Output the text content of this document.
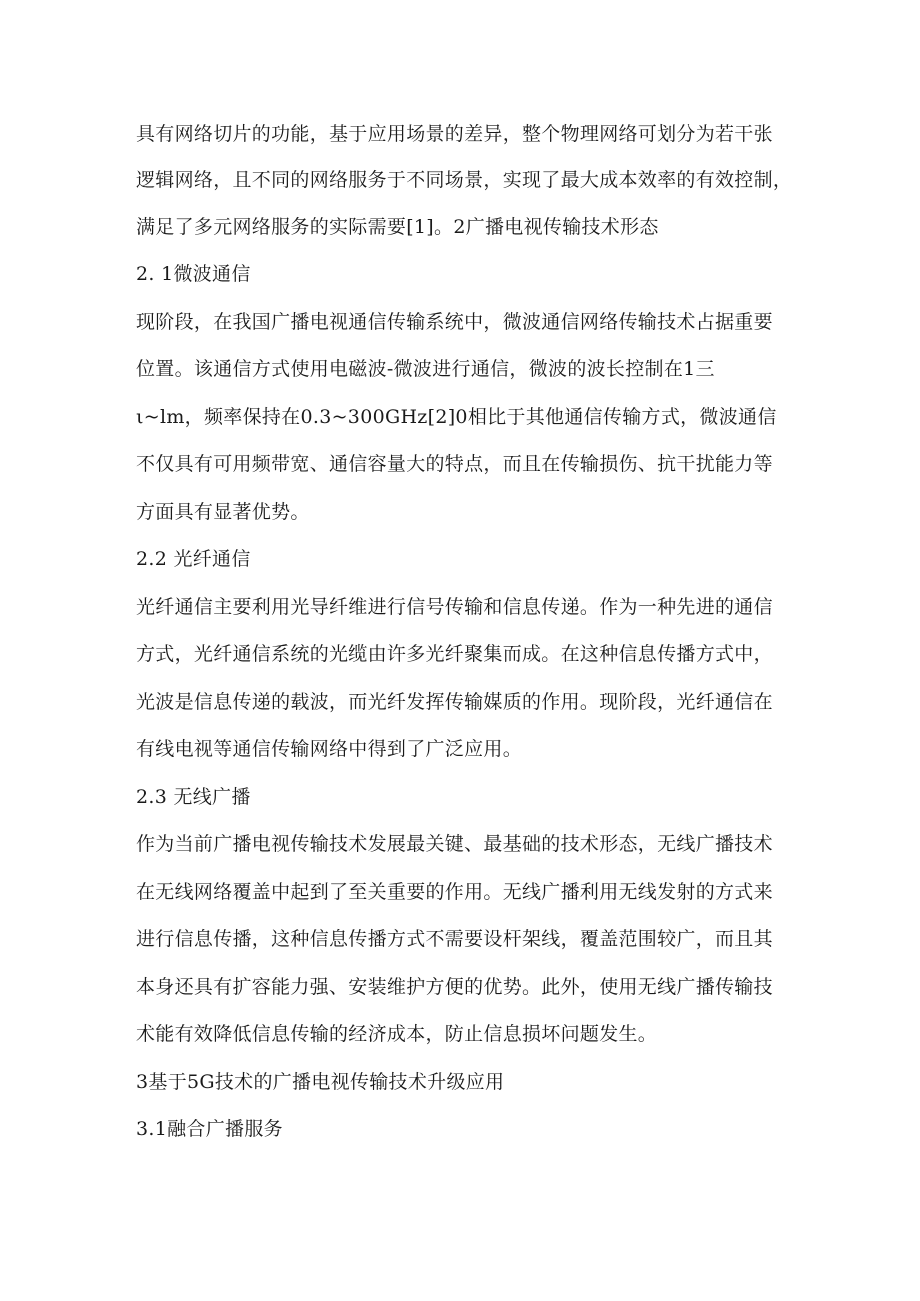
具有网络切片的功能，基于应用场景的差异，整个物理网络可划分为若干张
逻辑网络，且不同的网络服务于不同场景，实现了最大成本效率的有效控制，
满足了多元网络服务的实际需要[1]。2广播电视传输技术形态
2. 1微波通信
现阶段，在我国广播电视通信传输系统中，微波通信网络传输技术占据重要
位置。该通信方式使用电磁波-微波进行通信，微波的波长控制在1三
ι~lm，频率保持在0.3~300GHz[2]0相比于其他通信传输方式，微波通信
不仅具有可用频带宽、通信容量大的特点，而且在传输损伤、抗干扰能力等
方面具有显著优势。
2.2 光纤通信
光纤通信主要利用光导纤维进行信号传输和信息传递。作为一种先进的通信
方式，光纤通信系统的光缆由许多光纤聚集而成。在这种信息传播方式中，
光波是信息传递的载波，而光纤发挥传输媒质的作用。现阶段，光纤通信在
有线电视等通信传输网络中得到了广泛应用。
2.3 无线广播
作为当前广播电视传输技术发展最关键、最基础的技术形态，无线广播技术
在无线网络覆盖中起到了至关重要的作用。无线广播利用无线发射的方式来
进行信息传播，这种信息传播方式不需要设杆架线，覆盖范围较广，而且其
本身还具有扩容能力强、安装维护方便的优势。此外，使用无线广播传输技
术能有效降低信息传输的经济成本，防止信息损坏问题发生。
3基于5G技术的广播电视传输技术升级应用
3.1融合广播服务
